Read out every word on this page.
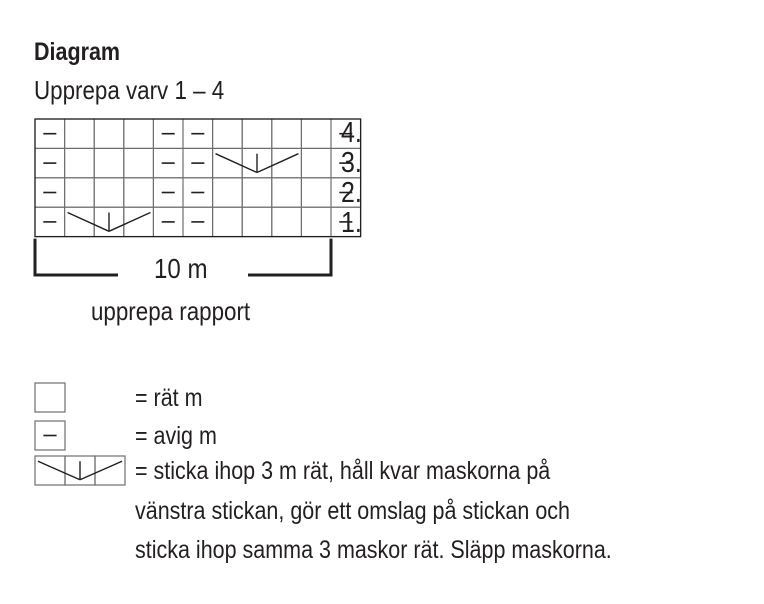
Diagram
Upprepa varv 1 – 4
4.
3.
2.
1.
10 m
upprepa rapport
= rät m
= avig m
= sticka ihop 3 m rät, håll kvar maskorna på
vänstra stickan, gör ett omslag på stickan och
sticka ihop samma 3 maskor rät. Släpp maskorna.
